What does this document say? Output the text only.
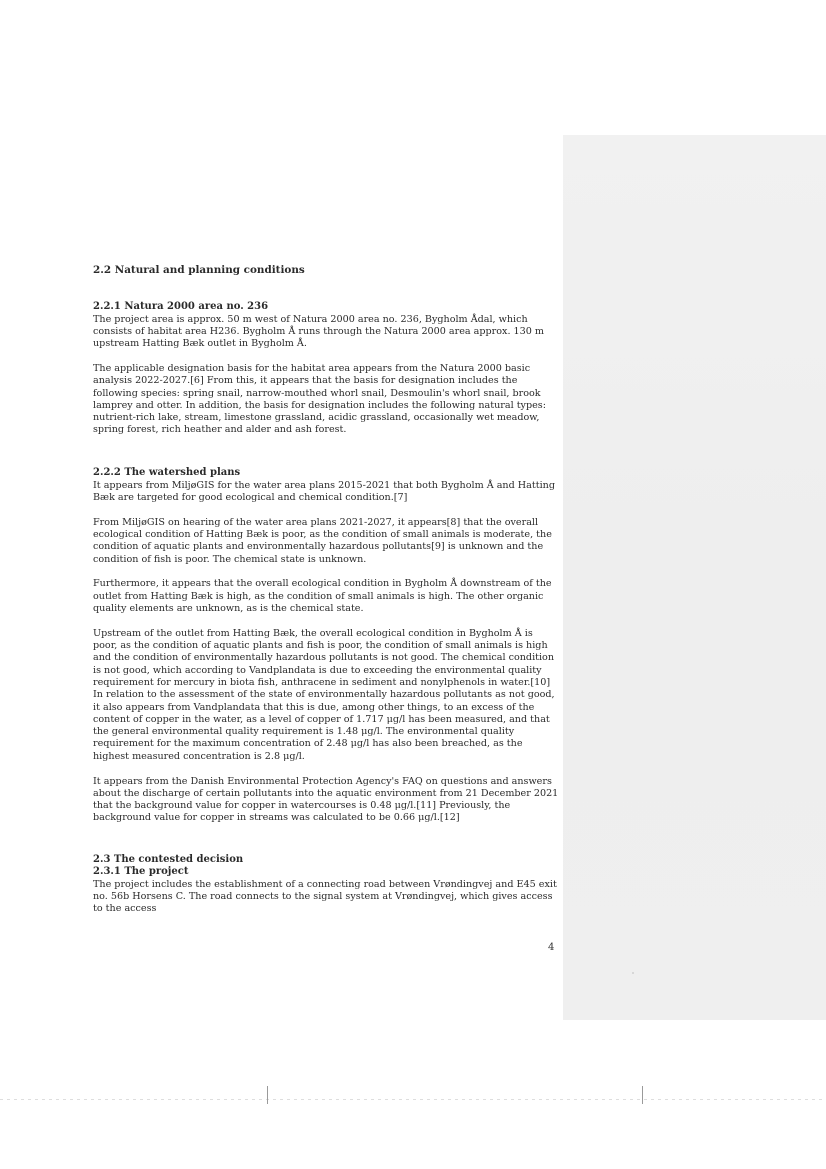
2.2 Natural and planning conditions
2.2.1 Natura 2000 area no. 236

The project area is approx. 50 m west of Natura 2000 area no. 236, Bygholm Ådal, which consists of habitat area H236. Bygholm Å runs through the Natura 2000 area approx. 130 m upstream Hatting Bæk outlet in Bygholm Å.

The applicable designation basis for the habitat area appears from the Natura 2000 basic analysis 2022-2027.[6] From this, it appears that the basis for designation includes the following species: spring snail, narrow-mouthed whorl snail, Desmoulin's whorl snail, brook lamprey and otter. In addition, the basis for designation includes the following natural types: nutrient-rich lake, stream, limestone grassland, acidic grassland, occasionally wet meadow, spring forest, rich heather and alder and ash forest.

2.2.2 The watershed plans

It appears from MiljøGIS for the water area plans 2015-2021 that both Bygholm Å and Hatting Bæk are targeted for good ecological and chemical condition.[7]

From MiljøGIS on hearing of the water area plans 2021-2027, it appears[8] that the overall ecological condition of Hatting Bæk is poor, as the condition of small animals is moderate, the condition of aquatic plants and environmentally hazardous pollutants[9] is unknown and the condition of fish is poor. The chemical state is unknown.

Furthermore, it appears that the overall ecological condition in Bygholm Å downstream of the outlet from Hatting Bæk is high, as the condition of small animals is high. The other organic quality elements are unknown, as is the chemical state.

Upstream of the outlet from Hatting Bæk, the overall ecological condition in Bygholm Å is poor, as the condition of aquatic plants and fish is poor, the condition of small animals is high and the condition of environmentally hazardous pollutants is not good. The chemical condition is not good, which according to Vandplandata is due to exceeding the environmental quality requirement for mercury in biota fish, anthracene in sediment and nonylphenols in water.[10] In relation to the assessment of the state of environmentally hazardous pollutants as not good, it also appears from Vandplandata that this is due, among other things, to an excess of the content of copper in the water, as a level of copper of 1.717 μg/l has been measured, and that the general environmental quality requirement is 1.48 μg/l. The environmental quality requirement for the maximum concentration of 2.48 μg/l has also been breached, as the highest measured concentration is 2.8 μg/l.

It appears from the Danish Environmental Protection Agency's FAQ on questions and answers about the discharge of certain pollutants into the aquatic environment from 21 December 2021 that the background value for copper in watercourses is 0.48 μg/l.[11] Previously, the background value for copper in streams was calculated to be 0.66 μg/l.[12]

2.3 The contested decision
2.3.1 The project

The project includes the establishment of a connecting road between Vrøndingvej and E45 exit no. 56b Horsens C. The road connects to the signal system at Vrøndingvej, which gives access to the access

4
